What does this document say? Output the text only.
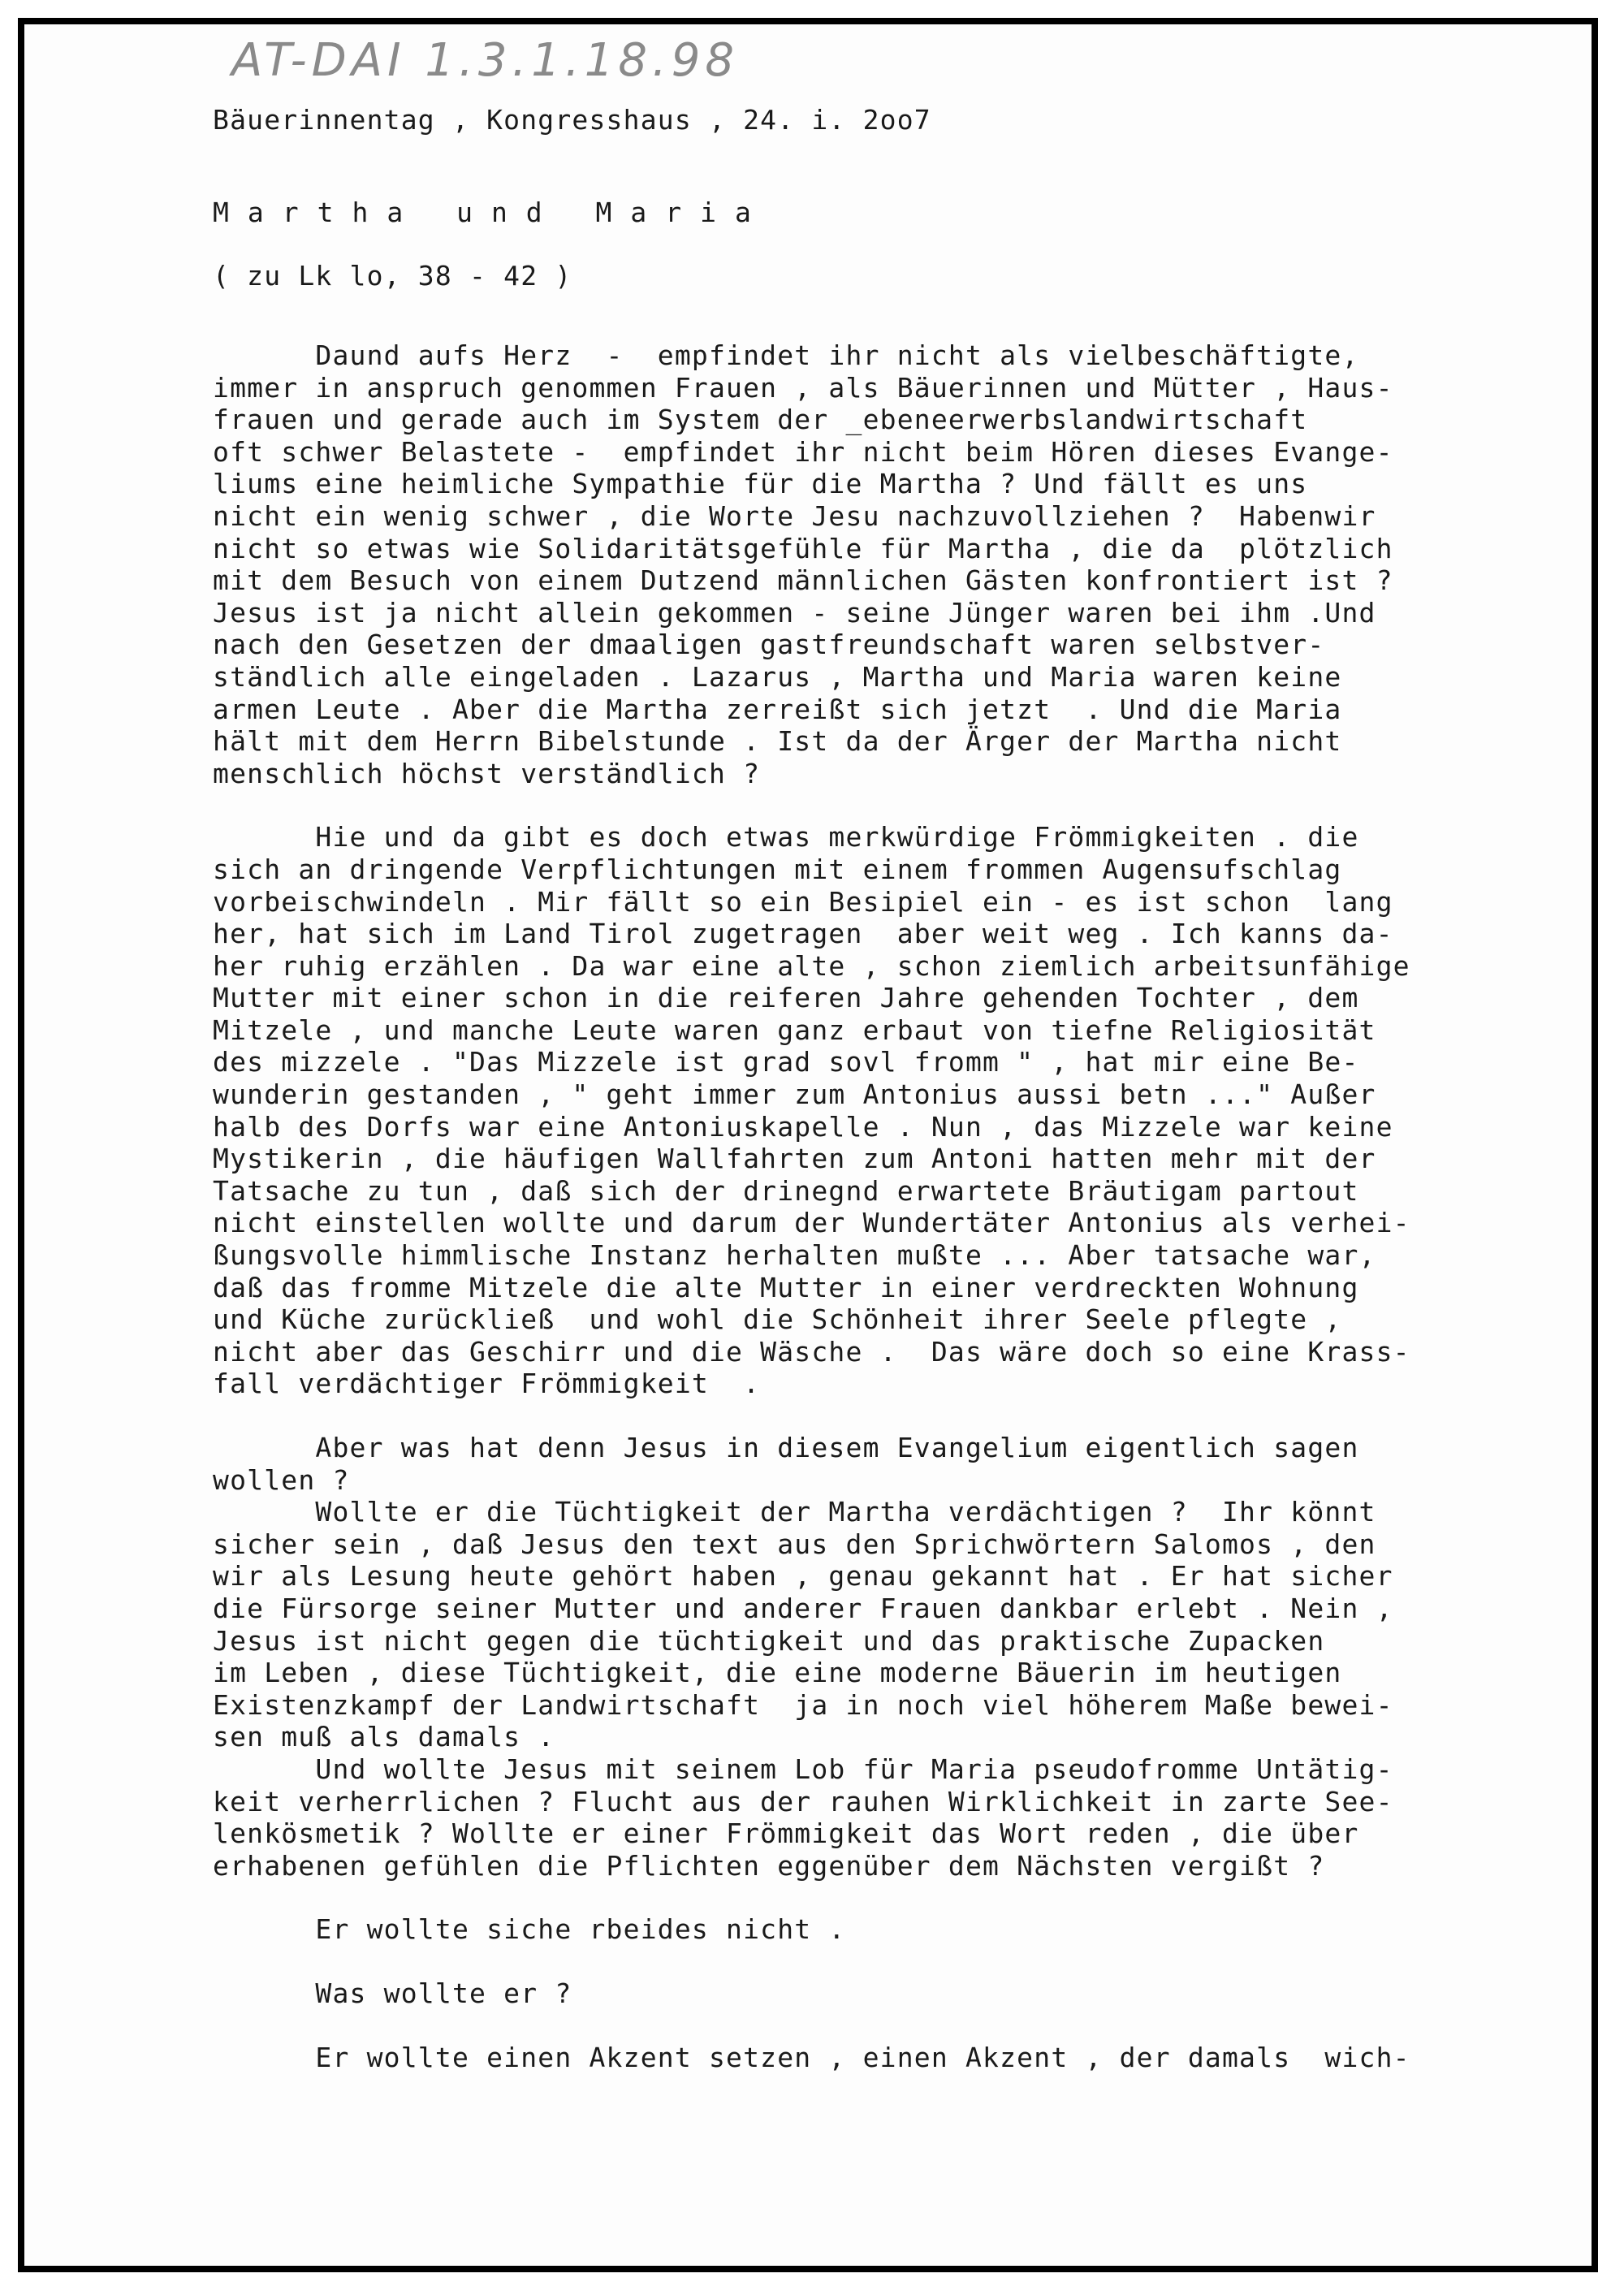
AT-DAI 1.3.1.18.98
Bäuerinnentag , Kongresshaus , 24. i. 2oo7
Martha und Maria
( zu Lk lo, 38 - 42 )
Daund aufs Herz  -  empfindet ihr nicht als vielbeschäftigte,
immer in anspruch genommen Frauen , als Bäuerinnen und Mütter , Haus-
frauen und gerade auch im System der _ebeneerwerbslandwirtschaft
oft schwer Belastete -  empfindet ihr nicht beim Hören dieses Evange-
liums eine heimliche Sympathie für die Martha ? Und fällt es uns
nicht ein wenig schwer , die Worte Jesu nachzuvollziehen ?  Habenwir
nicht so etwas wie Solidaritätsgefühle für Martha , die da  plötzlich
mit dem Besuch von einem Dutzend männlichen Gästen konfrontiert ist ?
Jesus ist ja nicht allein gekommen - seine Jünger waren bei ihm .Und
nach den Gesetzen der dmaaligen gastfreundschaft waren selbstver-
ständlich alle eingeladen . Lazarus , Martha und Maria waren keine
armen Leute . Aber die Martha zerreißt sich jetzt  . Und die Maria
hält mit dem Herrn Bibelstunde . Ist da der Ärger der Martha nicht
menschlich höchst verständlich ?
Hie und da gibt es doch etwas merkwürdige Frömmigkeiten . die
sich an dringende Verpflichtungen mit einem frommen Augensufschlag
vorbeischwindeln . Mir fällt so ein Besipiel ein - es ist schon  lang
her, hat sich im Land Tirol zugetragen  aber weit weg . Ich kanns da-
her ruhig erzählen . Da war eine alte , schon ziemlich arbeitsunfähige
Mutter mit einer schon in die reiferen Jahre gehenden Tochter , dem
Mitzele , und manche Leute waren ganz erbaut von tiefne Religiosität
des mizzele . "Das Mizzele ist grad sovl fromm " , hat mir eine Be-
wunderin gestanden , " geht immer zum Antonius aussi betn ..." Außer
halb des Dorfs war eine Antoniuskapelle . Nun , das Mizzele war keine
Mystikerin , die häufigen Wallfahrten zum Antoni hatten mehr mit der
Tatsache zu tun , daß sich der drinegnd erwartete Bräutigam partout
nicht einstellen wollte und darum der Wundertäter Antonius als verhei-
ßungsvolle himmlische Instanz herhalten mußte ... Aber tatsache war,
daß das fromme Mitzele die alte Mutter in einer verdreckten Wohnung
und Küche zurückließ  und wohl die Schönheit ihrer Seele pflegte ,
nicht aber das Geschirr und die Wäsche .  Das wäre doch so eine Krass-
fall verdächtiger Frömmigkeit  .
Aber was hat denn Jesus in diesem Evangelium eigentlich sagen
wollen ?
Wollte er die Tüchtigkeit der Martha verdächtigen ?  Ihr könnt
sicher sein , daß Jesus den text aus den Sprichwörtern Salomos , den
wir als Lesung heute gehört haben , genau gekannt hat . Er hat sicher
die Fürsorge seiner Mutter und anderer Frauen dankbar erlebt . Nein ,
Jesus ist nicht gegen die tüchtigkeit und das praktische Zupacken
im Leben , diese Tüchtigkeit, die eine moderne Bäuerin im heutigen
Existenzkampf der Landwirtschaft  ja in noch viel höherem Maße bewei-
sen muß als damals .
Und wollte Jesus mit seinem Lob für Maria pseudofromme Untätig-
keit verherrlichen ? Flucht aus der rauhen Wirklichkeit in zarte See-
lenkösmetik ? Wollte er einer Frömmigkeit das Wort reden , die über
erhabenen gefühlen die Pflichten eggenüber dem Nächsten vergißt ?
Er wollte siche rbeides nicht .
Was wollte er ?
Er wollte einen Akzent setzen , einen Akzent , der damals  wich-
